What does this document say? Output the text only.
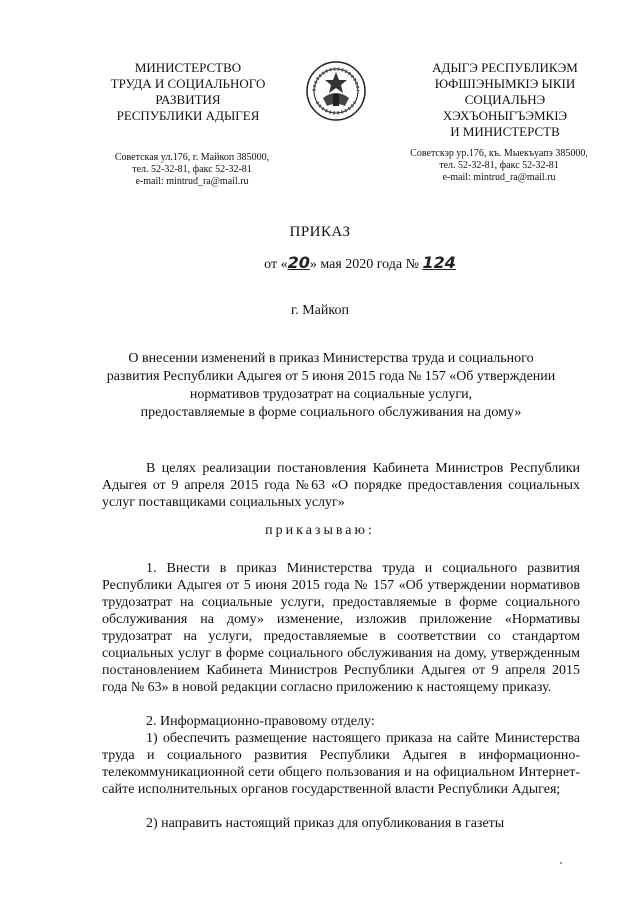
МИНИСТЕРСТВО
ТРУДА И СОЦИАЛЬНОГО
РАЗВИТИЯ
РЕСПУБЛИКИ АДЫГЕЯ
АДЫГЭ РЕСПУБЛИКЭМ
ЮФШІЭНЫМКІЭ ЫКІИ
СОЦИАЛЬНЭ
ХЭХЪОНЫГЪЭМКІЭ
И МИНИСТЕРСТВ
Советская ул.176, г. Майкоп 385000,
тел. 52-32-81, факс 52-32-81
e-mail: mintrud_ra@mail.ru
Советскэр ур.176, къ. Мыекъуапэ 385000,
тел. 52-32-81, факс 52-32-81
e-mail: mintrud_ra@mail.ru
ПРИКАЗ
от «20» мая 2020 года № 124
г. Майкоп
О внесении изменений в приказ Министерства труда и социального
развития Республики Адыгея от 5 июня 2015 года № 157 «Об утверждении
нормативов трудозатрат на социальные услуги,
предоставляемые в форме социального обслуживания на дому»
В целях реализации постановления Кабинета Министров Республики Адыгея от 9 апреля 2015 года №63 «О порядке предоставления социальных услуг поставщиками социальных услуг»
приказываю:
1. Внести в приказ Министерства труда и социального развития Республики Адыгея от 5 июня 2015 года № 157 «Об утверждении нормативов трудозатрат на социальные услуги, предоставляемые в форме социального обслуживания на дому» изменение, изложив приложение «Нормативы трудозатрат на услуги, предоставляемые в соответствии со стандартом социальных услуг в форме социального обслуживания на дому, утвержденным постановлением Кабинета Министров Республики Адыгея от 9 апреля 2015 года № 63» в новой редакции согласно приложению к настоящему приказу.
2. Информационно-правовому отделу:
1) обеспечить размещение настоящего приказа на сайте Министерства труда и социального развития Республики Адыгея в информационно-телекоммуникационной сети общего пользования и на официальном Интернет-сайте исполнительных органов государственной власти Республики Адыгея;
2) направить настоящий приказ для опубликования в газеты
